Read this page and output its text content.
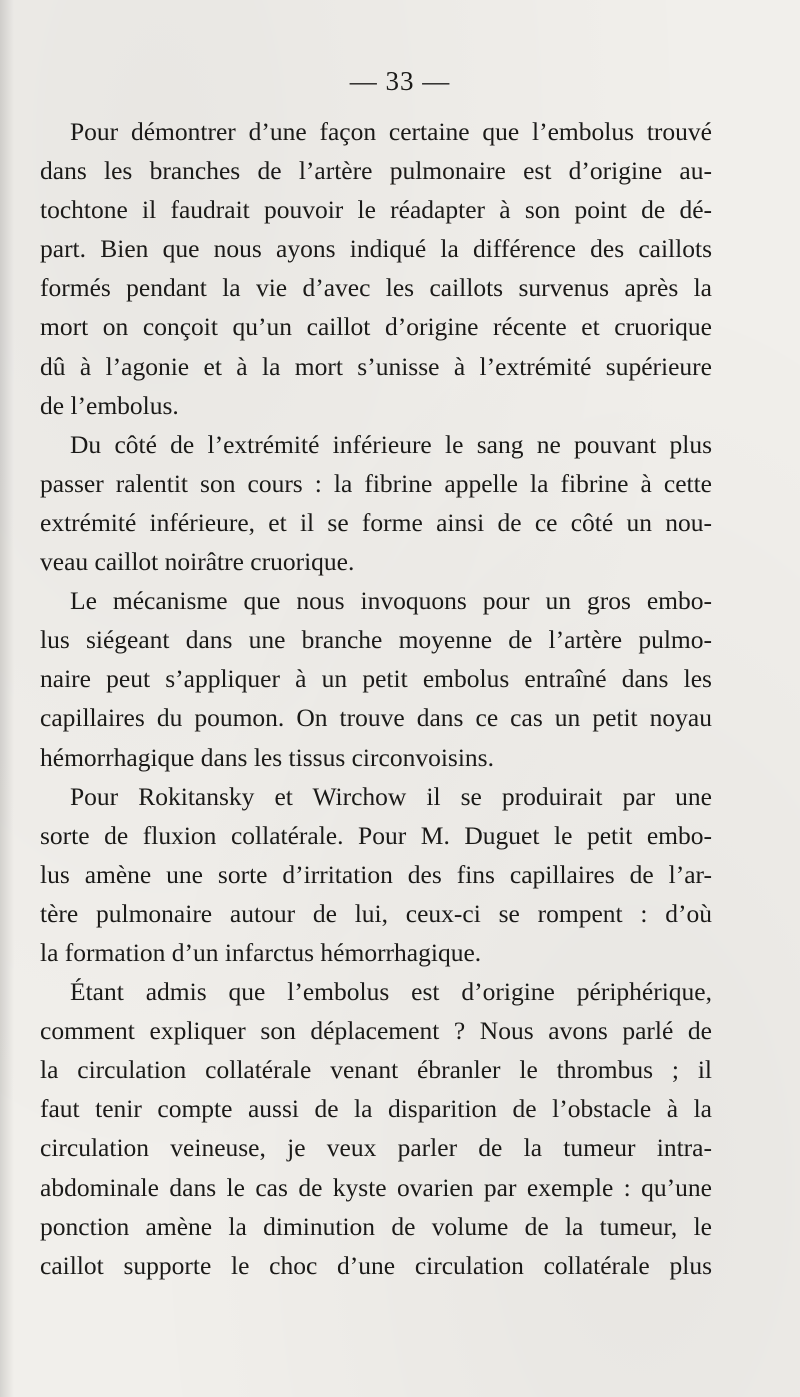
— 33 —
Pour démontrer d’une façon certaine que l’embolus trouvé
dans les branches de l’artère pulmonaire est d’origine au-
tochtone il faudrait pouvoir le réadapter à son point de dé-
part. Bien que nous ayons indiqué la différence des caillots
formés pendant la vie d’avec les caillots survenus après la
mort on conçoit qu’un caillot d’origine récente et cruorique
dû à l’agonie et à la mort s’unisse à l’extrémité supérieure
de l’embolus.
Du côté de l’extrémité inférieure le sang ne pouvant plus
passer ralentit son cours : la fibrine appelle la fibrine à cette
extrémité inférieure, et il se forme ainsi de ce côté un nou-
veau caillot noirâtre cruorique.
Le mécanisme que nous invoquons pour un gros embo-
lus siégeant dans une branche moyenne de l’artère pulmo-
naire peut s’appliquer à un petit embolus entraîné dans les
capillaires du poumon. On trouve dans ce cas un petit noyau
hémorrhagique dans les tissus circonvoisins.
Pour Rokitansky et Wirchow il se produirait par une
sorte de fluxion collatérale. Pour M. Duguet le petit embo-
lus amène une sorte d’irritation des fins capillaires de l’ar-
tère pulmonaire autour de lui, ceux-ci se rompent : d’où
la formation d’un infarctus hémorrhagique.
Étant admis que l’embolus est d’origine périphérique,
comment expliquer son déplacement ? Nous avons parlé de
la circulation collatérale venant ébranler le thrombus ; il
faut tenir compte aussi de la disparition de l’obstacle à la
circulation veineuse, je veux parler de la tumeur intra-
abdominale dans le cas de kyste ovarien par exemple : qu’une
ponction amène la diminution de volume de la tumeur, le
caillot supporte le choc d’une circulation collatérale plus
